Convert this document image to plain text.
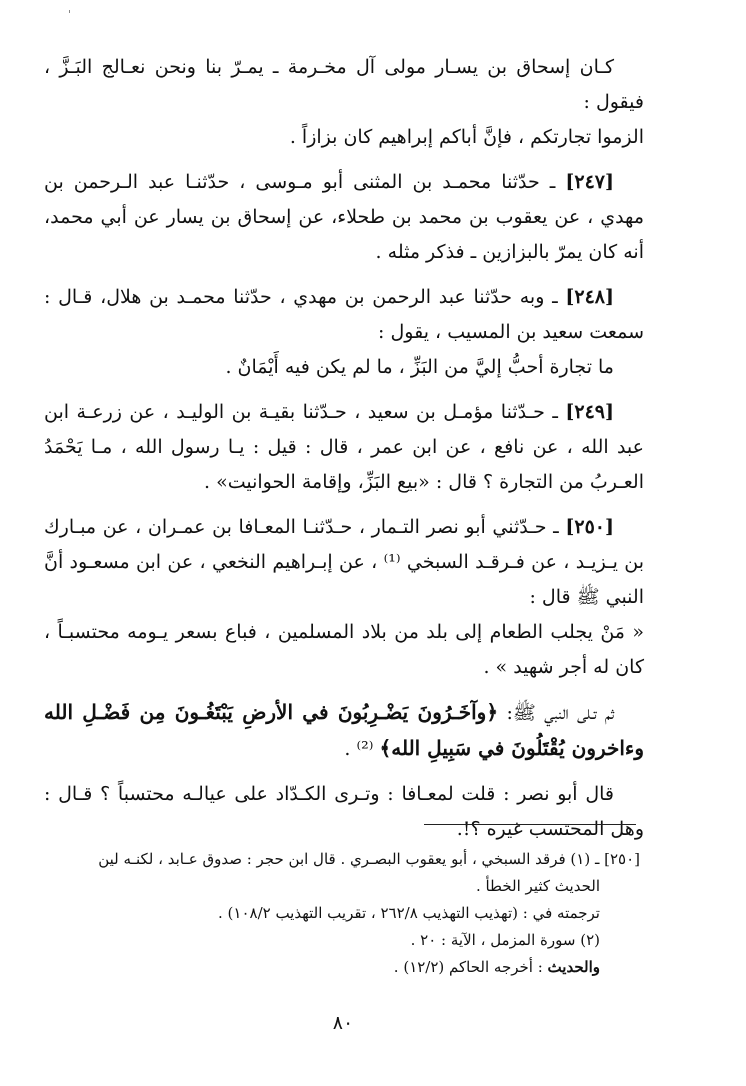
'

كـان إسحاق بن يسـار مولى آل مخـرمة ـ يمـرّ بنا ونحن نعـالج البَـزَّ ، فيقول :
الزموا تجارتكم ، فإنَّ أباكم إبراهيم كان بزازاً .

[٢٤٧] ـ حدّثنا محمـد بن المثنى أبو مـوسى ، حدّثنـا عبد الـرحمن بن مهدي ، عن يعقوب بن محمد بن طحلاء، عن إسحاق بن يسار عن أبي محمد، أنه كان يمرّ بالبزازين ـ فذكر مثله .

[٢٤٨] ـ وبه حدّثنا عبد الرحمن بن مهدي ، حدّثنا محمـد بن هلال، قـال : سمعت سعيد بن المسيب ، يقول :

ما تجارة أحبُّ إليَّ من البَزِّ ، ما لم يكن فيه أَيْمَانٌ .

[٢٤٩] ـ حـدّثنا مؤمـل بن سعيد ، حـدّثنا بقيـة بن الوليـد ، عن زرعـة ابن عبد الله ، عن نافع ، عن ابن عمر ، قال : قيل : يـا رسول الله ، مـا يَحْمَدُ العـربُ من التجارة ؟ قال : «بيع البَزِّ، وإقامة الحوانيت» .

[٢٥٠] ـ حـدّثني أبو نصر التـمار ، حـدّثنـا المعـافا بن عمـران ، عن مبـارك بن يـزيـد ، عن فـرقـد السبخي ⁽¹⁾ ، عن إبـراهيم النخعي ، عن ابن مسعـود أنَّ النبي ﷺ قال :

« مَنْ يجلب الطعام إلى بلد من بلاد المسلمين ، فباع بسعر يـومه محتسبـاً ، كان له أجر شهيد » .

ثم تـلى النبي ﷺ: ﴿وآخَـرُونَ يَضْـرِبُونَ في الأرضِ يَبْتَغُـونَ مِن فَضْـلِ الله وءاخرون يُقْتَلُونَ في سَبِيلِ الله﴾ ⁽²⁾ .

قال أبو نصر : قلت لمعـافا : وتـرى الكـدّاد على عيالـه محتسباً ؟ قـال : وهل المحتسب غيره ؟!.

[٢٥٠] ـ (١) فرقد السبخي ، أبو يعقوب البصـري . قال ابن حجر : صدوق عـابد ، لكنـه لين

الحديث كثير الخطأ .

ترجمته في : (تهذيب التهذيب ٢٦٢/٨ ، تقريب التهذيب ١٠٨/٢) .

(٢) سورة المزمل ، الآية : ٢٠ .

والحديث : أخرجه الحاكم (١٢/٢) .

٨٠
